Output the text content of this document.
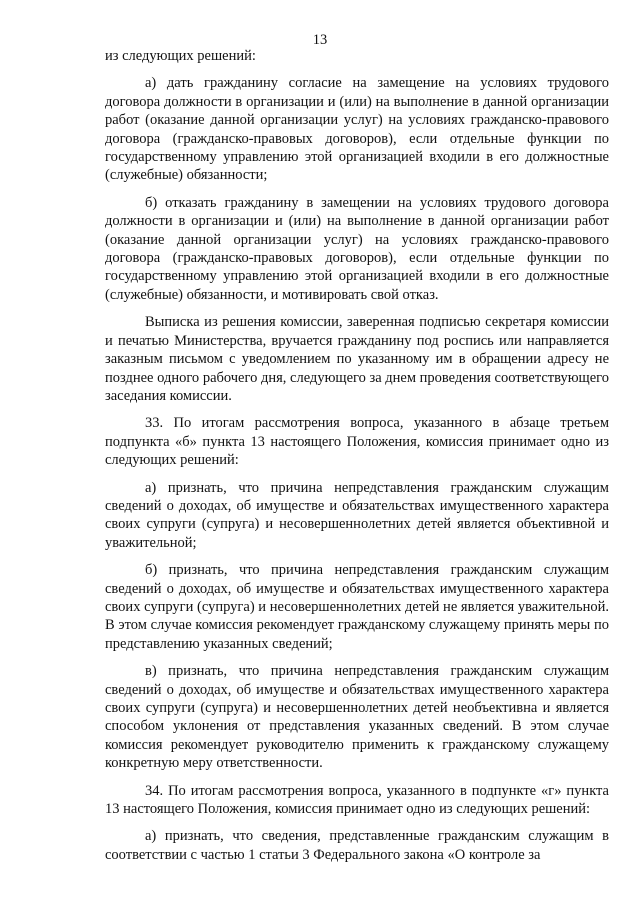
13

из следующих решений:

а) дать гражданину согласие на замещение на условиях трудового договора должности в организации и (или) на выполнение в данной организации работ (оказание данной организации услуг) на условиях гражданско-правового договора (гражданско-правовых договоров), если отдельные функции по государственному управлению этой организацией входили в его должностные (служебные) обязанности;

б) отказать гражданину в замещении на условиях трудового договора должности в организации и (или) на выполнение в данной организации работ (оказание данной организации услуг) на условиях гражданско-правового договора (гражданско-правовых договоров), если отдельные функции по государственному управлению этой организацией входили в его должностные (служебные) обязанности, и мотивировать свой отказ.

Выписка из решения комиссии, заверенная подписью секретаря комиссии и печатью Министерства, вручается гражданину под роспись или направляется заказным письмом с уведомлением по указанному им в обращении адресу не позднее одного рабочего дня, следующего за днем проведения соответствующего заседания комиссии.

33. По итогам рассмотрения вопроса, указанного в абзаце третьем подпункта «б» пункта 13 настоящего Положения, комиссия принимает одно из следующих решений:

а) признать, что причина непредставления гражданским служащим сведений о доходах, об имуществе и обязательствах имущественного характера своих супруги (супруга) и несовершеннолетних детей является объективной и уважительной;

б) признать, что причина непредставления гражданским служащим сведений о доходах, об имуществе и обязательствах имущественного характера своих супруги (супруга) и несовершеннолетних детей не является уважительной. В этом случае комиссия рекомендует гражданскому служащему принять меры по представлению указанных сведений;

в) признать, что причина непредставления гражданским служащим сведений о доходах, об имуществе и обязательствах имущественного характера своих супруги (супруга) и несовершеннолетних детей необъективна и является способом уклонения от представления указанных сведений. В этом случае комиссия рекомендует руководителю применить к гражданскому служащему конкретную меру ответственности.

34. По итогам рассмотрения вопроса, указанного в подпункте «г» пункта 13 настоящего Положения, комиссия принимает одно из следующих решений:

а) признать, что сведения, представленные гражданским служащим в соответствии с частью 1 статьи 3 Федерального закона «О контроле за
